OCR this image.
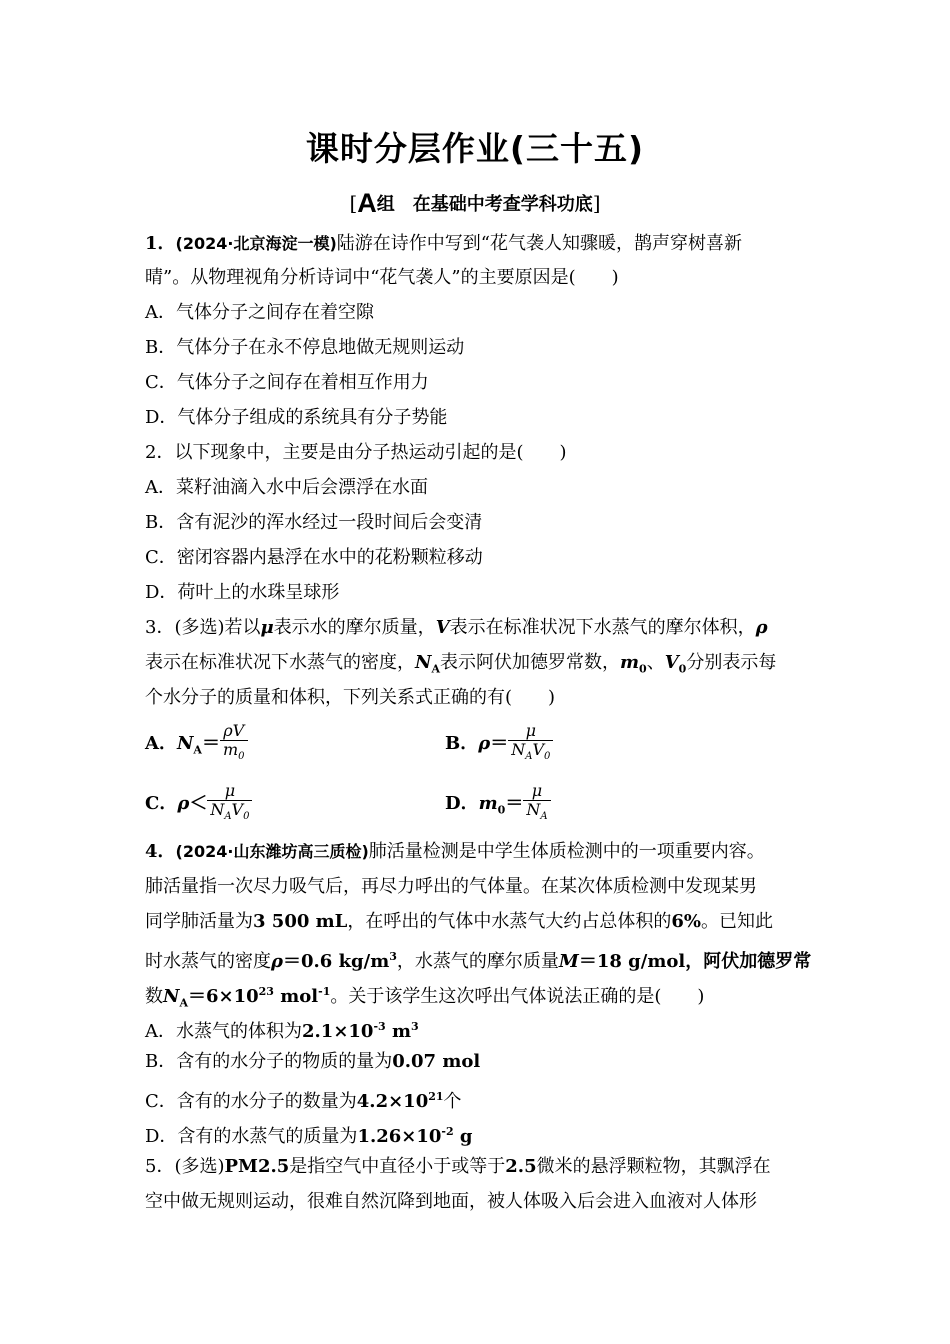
课时分层作业(三十五)
[A组　在基础中考查学科功底]
1．(2024·北京海淀一模)陆游在诗作中写到“花气袭人知骤暖，鹊声穿树喜新
晴”。从物理视角分析诗词中“花气袭人”的主要原因是(　　)
A．气体分子之间存在着空隙
B．气体分子在永不停息地做无规则运动
C．气体分子之间存在着相互作用力
D．气体分子组成的系统具有分子势能
2．以下现象中，主要是由分子热运动引起的是(　　)
A．菜籽油滴入水中后会漂浮在水面
B．含有泥沙的浑水经过一段时间后会变清
C．密闭容器内悬浮在水中的花粉颗粒移动
D．荷叶上的水珠呈球形
3．(多选)若以μ表示水的摩尔质量，V表示在标准状况下水蒸气的摩尔体积，ρ
表示在标准状况下水蒸气的密度，$N_A$表示阿伏加德罗常数，$m_0$、$V_0$分别表示每
个水分子的质量和体积，下列关系式正确的有(　　)
A．$N_A= \frac{\rho V}{m_0}$	B．$\rho= \frac{\mu}{N_AV_0}$
C．$\rho< \frac{\mu}{N_AV_0}$	D．$m_0= \frac{\mu}{N_A}$
4．(2024·山东潍坊高三质检)肺活量检测是中学生体质检测中的一项重要内容。
肺活量指一次尽力吸气后，再尽力呼出的气体量。在某次体质检测中发现某男
同学肺活量为3 500 mL，在呼出的气体中水蒸气大约占总体积的6%。已知此
时水蒸气的密度ρ＝0.6 $kg/m^3$，水蒸气的摩尔质量M＝18 g/mol，阿伏加德罗常
数$N_A=6\times 10^{23}$ mol$^{-1}$。关于该学生这次呼出气体说法正确的是(　　)
A．水蒸气的体积为$2.1\times 10^{-3}$ $m^3$
B．含有的水分子的物质的量为0.07 mol
C．含有的水分子的数量为$4.2\times 10^{21}$个
D．含有的水蒸气的质量为$1.26\times 10^{-2}$ g
5．(多选)PM2.5是指空气中直径小于或等于2.5微米的悬浮颗粒物，其飘浮在
空中做无规则运动，很难自然沉降到地面，被人体吸入后会进入血液对人体形
